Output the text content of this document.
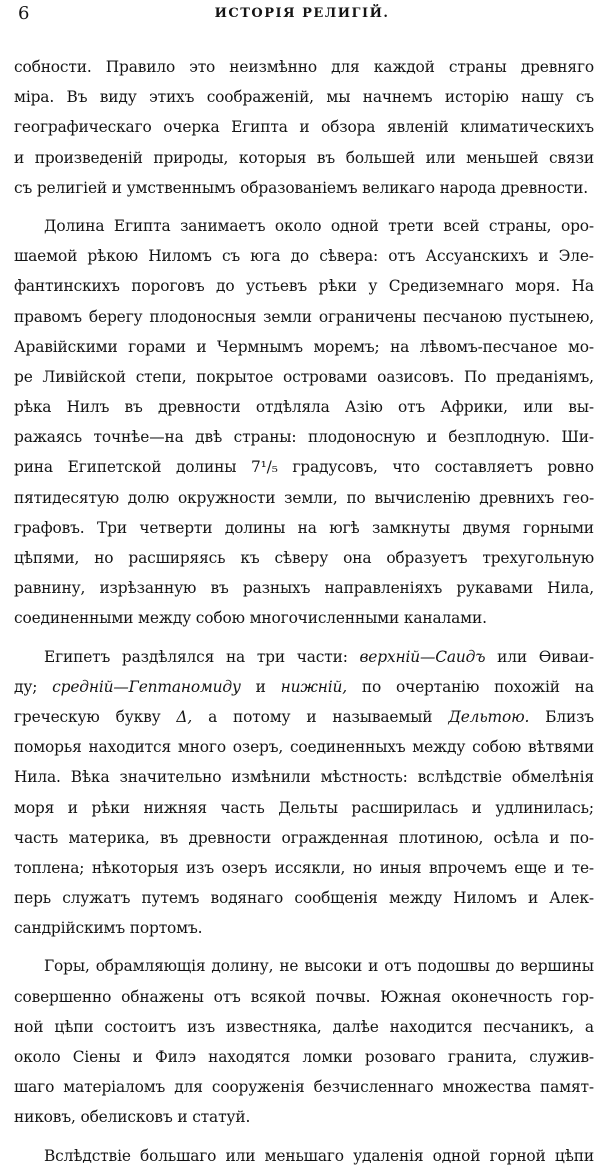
6	ИСТОРІЯ РЕЛИГІЙ.
собности. Правило это неизмѣнно для каждой страны древняго
міра. Въ виду этихъ соображеній, мы начнемъ исторію нашу съ
географическаго очерка Египта и обзора явленій климатическихъ
и произведеній природы, которыя въ большей или меньшей связи
съ религіей и умственнымъ образованіемъ великаго народа древности.
Долина Египта занимаетъ около одной трети всей страны, оро-
шаемой рѣкою Ниломъ съ юга до сѣвера: отъ Ассуанскихъ и Эле-
фантинскихъ пороговъ до устьевъ рѣки у Средиземнаго моря. На
правомъ берегу плодоносныя земли ограничены песчаною пустынею,
Аравійскими горами и Чермнымъ моремъ; на лѣвомъ-песчаное мо-
ре Ливійской степи, покрытое островами оазисовъ. По преданіямъ,
рѣка Нилъ въ древности отдѣляла Азію отъ Африки, или вы-
ражаясь точнѣе—на двѣ страны: плодоносную и безплодную. Ши-
рина Египетской долины 7¹/₅ градусовъ, что составляетъ ровно
пятидесятую долю окружности земли, по вычисленію древнихъ гео-
графовъ. Три четверти долины на югѣ замкнуты двумя горными
цѣпями, но расширяясь къ сѣверу она образуетъ трехугольную
равнину, изрѣзанную въ разныхъ направленіяхъ рукавами Нила,
соединенными между собою многочисленными каналами.
Египетъ раздѣлялся на три части: верхній—Саидъ или Өиваи-
ду; средній—Гептаномиду и нижній, по очертанію похожій на
греческую букву Δ, а потому и называемый Дельтою. Близъ
поморья находится много озеръ, соединенныхъ между собою вѣтвями
Нила. Вѣка значительно измѣнили мѣстность: вслѣдствіе обмелѣнія
моря и рѣки нижняя часть Дельты расширилась и удлинилась;
часть материка, въ древности огражденная плотиною, осѣла и по-
топлена; нѣкоторыя изъ озеръ иссякли, но иныя впрочемъ еще и те-
перь служатъ путемъ водянаго сообщенія между Ниломъ и Алек-
сандрійскимъ портомъ.
Горы, обрамляющія долину, не высоки и отъ подошвы до вершины
совершенно обнажены отъ всякой почвы. Южная оконечность гор-
ной цѣпи состоитъ изъ известняка, далѣе находится песчаникъ, а
около Сіены и Филэ находятся ломки розоваго гранита, служив-
шаго матеріаломъ для сооруженія безчисленнаго множества памят-
никовъ, обелисковъ и статуй.
Вслѣдствіе большаго или меньшаго удаленія одной горной цѣпи
